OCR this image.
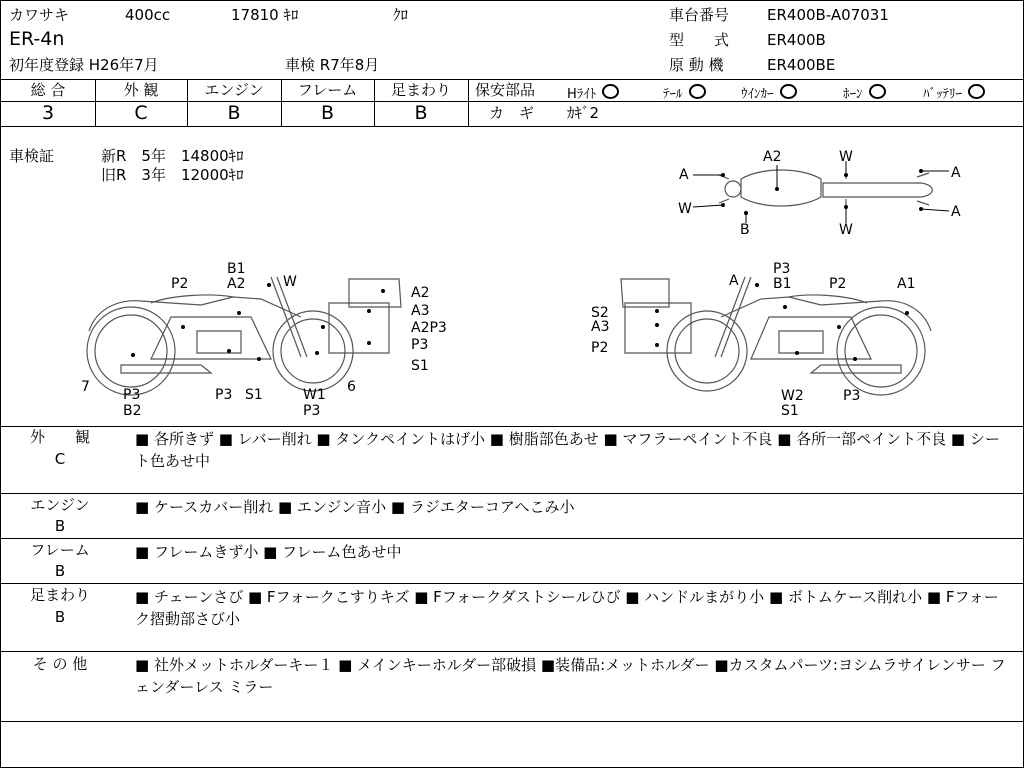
カワサキ	400cc	17810 ｷﾛ	ｸﾛ
ER-4n
初年度登録 H26年7月	車検 R7年8月
車台番号	ER400B-A07031
型　　式	ER400B
原 動 機	ER400BE
総 合	外 観	エンジン	フレーム	足まわり
3	C	B	B	B
保安部品 Hﾗｲﾄ	ﾃｰﾙ	ｳｲﾝｶｰ	ﾎｰﾝ	ﾊﾞｯﾃﾘｰ
カ　ギ ｶｷﾞ2
車検証	新R　5年　14800ｷﾛ
旧R　3年　12000ｷﾛ
A2	W
A	A
W
B	W
A
B1
A2	W
P2
A2
A3
A2P3
P3
S1
7	6
P3
B2
P3 S1	W1
P3
P3
A B1	P2	A1
S2
A3
P2
W2
S1
P3
外　　観
C
■ 各所きず ■ レバー削れ ■ タンクペイントはげ小 ■ 樹脂部色あせ ■ マフラーペイント不良 ■ 各所一部ペイント不良 ■ シート色あせ中
エンジン
B
■ ケースカバー削れ ■ エンジン音小 ■ ラジエターコアへこみ小
フレーム
B
■ フレームきず小 ■ フレーム色あせ中
足まわり
B
■ チェーンさび ■ Fフォークこすりキズ ■ Fフォークダストシールひび ■ ハンドルまがり小 ■ ボトムケース削れ小 ■ Fフォーク摺動部さび小
そ の 他	■ 社外メットホルダーキー１ ■ メインキーホルダー部破損 ■装備品:メットホルダー ■カスタムパーツ:ヨシムラサイレンサー フェンダーレス ミラー
